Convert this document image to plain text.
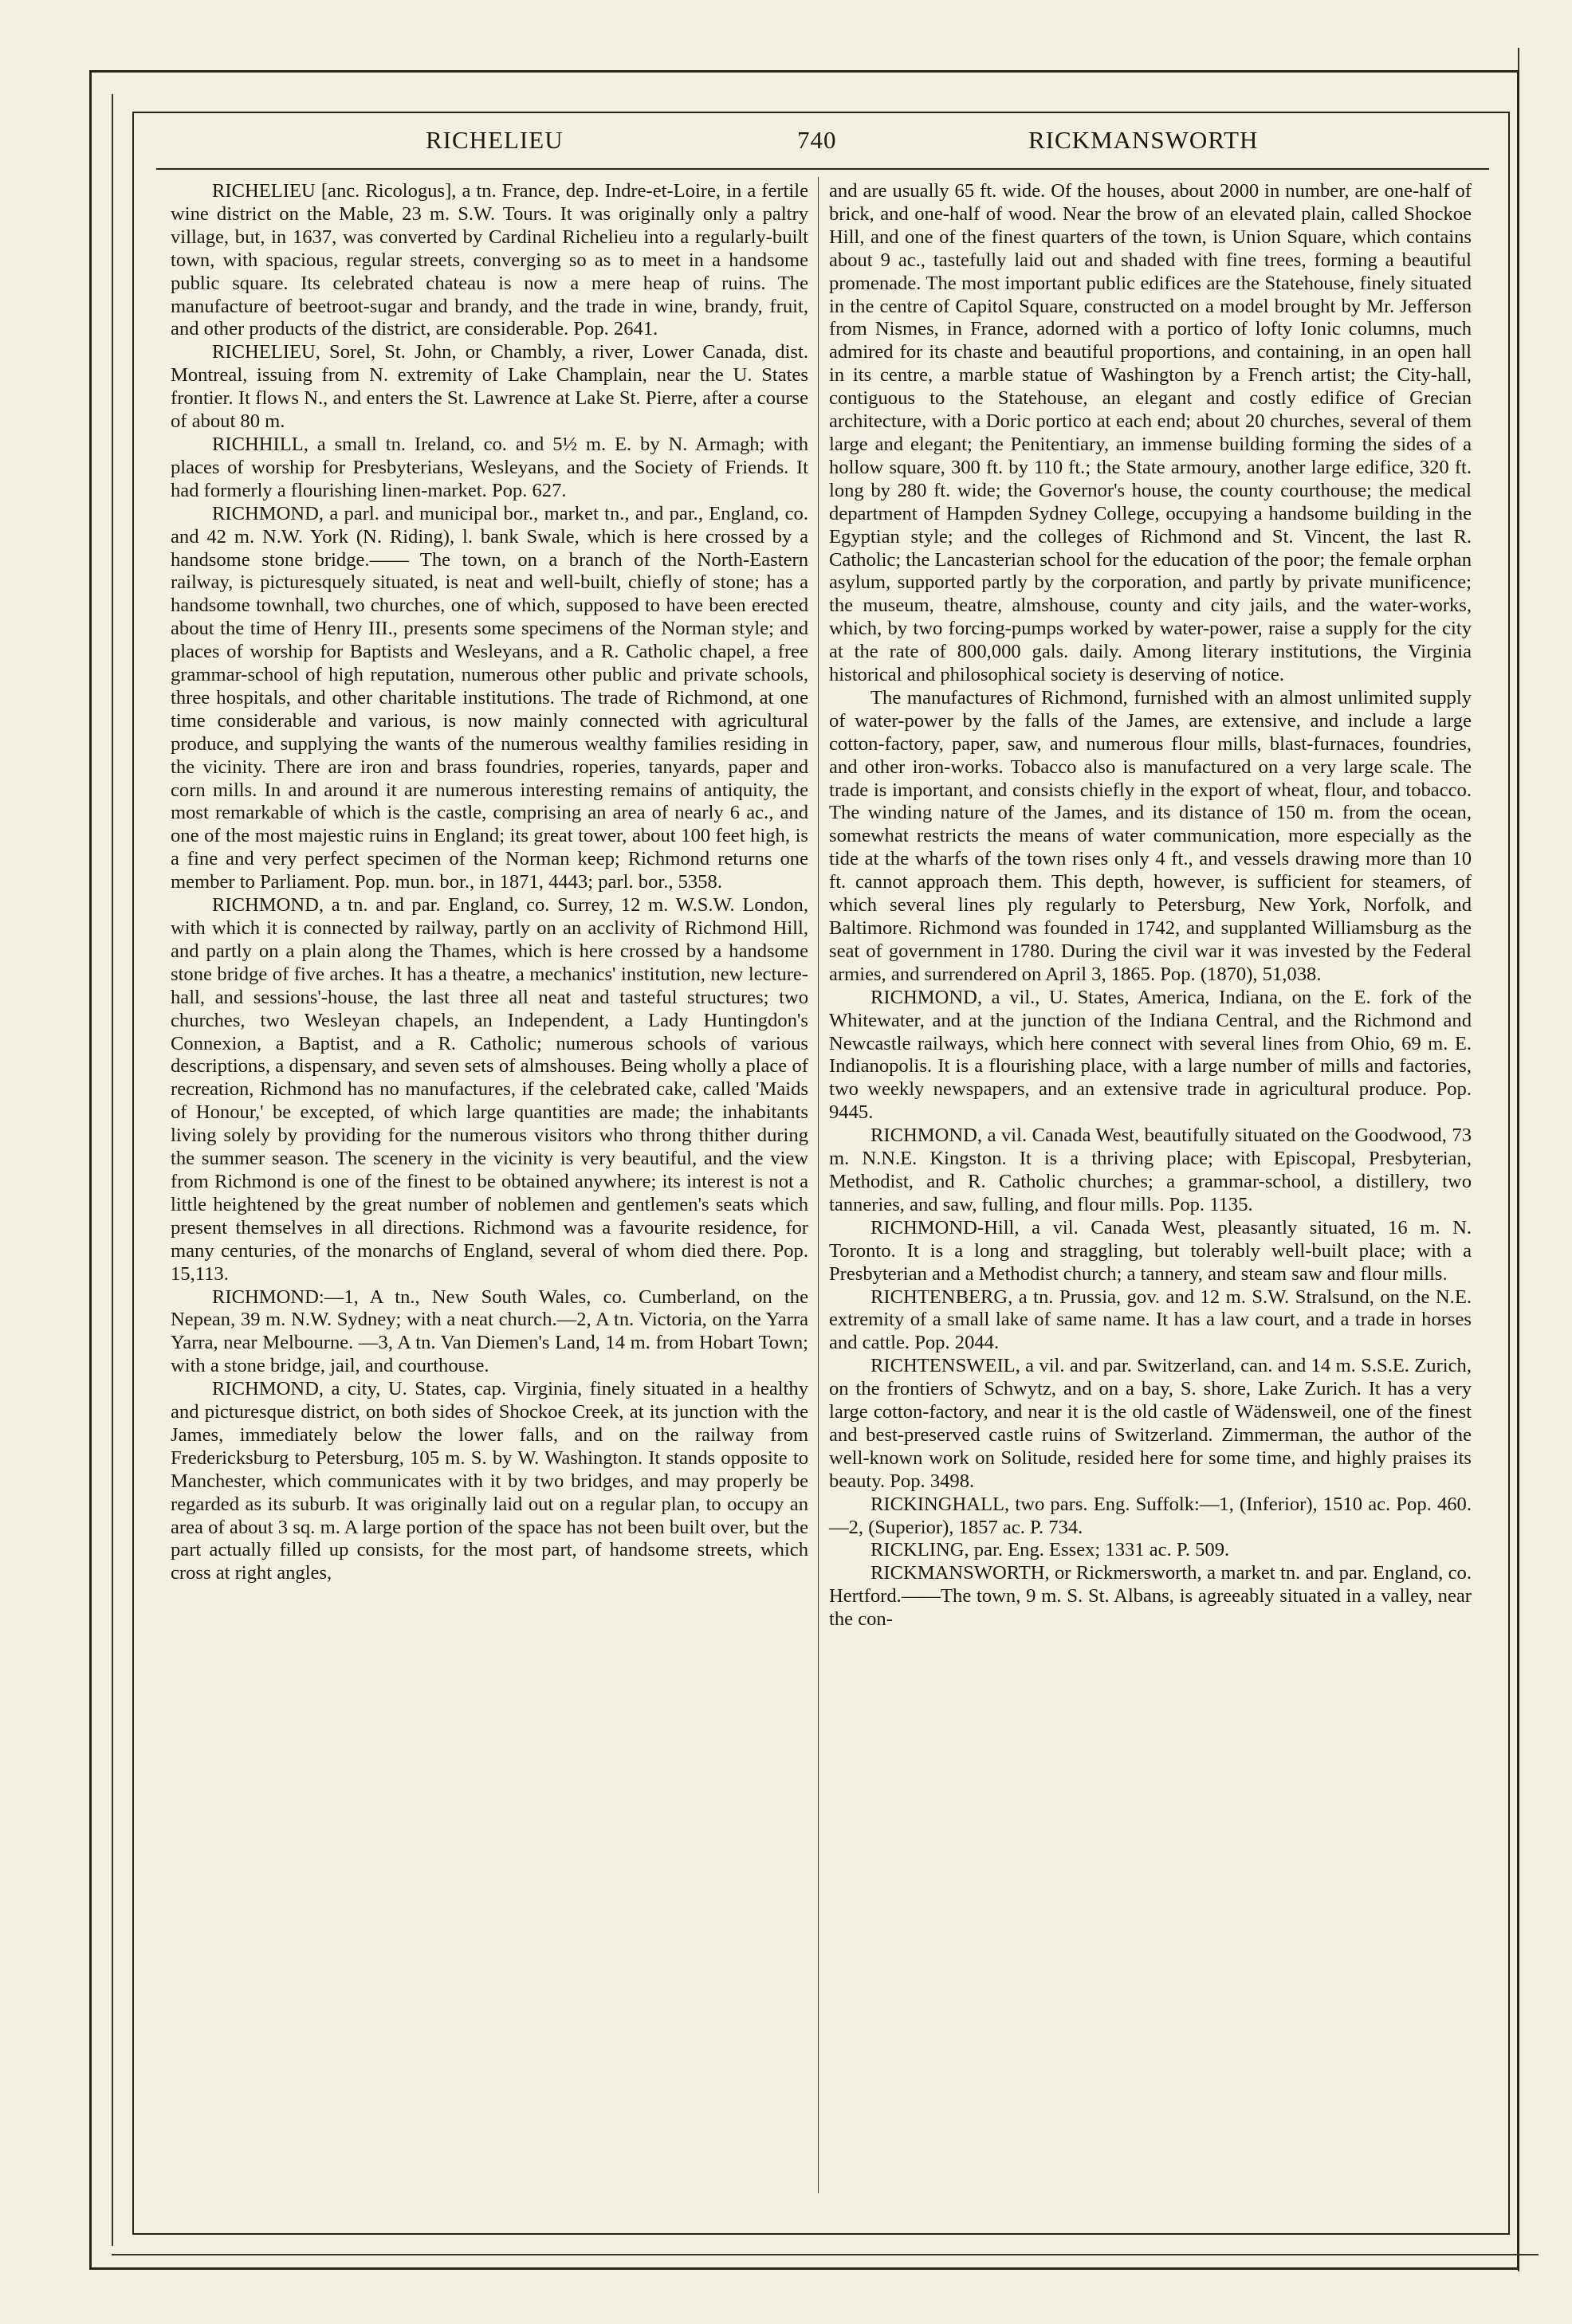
RICHELIEU	740	RICKMANSWORTH

RICHELIEU [anc. Ricologus], a tn. France, dep. Indre-et-Loire, in a fertile wine district on the Mable, 23 m. S.W. Tours. It was originally only a paltry village, but, in 1637, was converted by Cardinal Richelieu into a regularly-built town, with spacious, regular streets, converging so as to meet in a handsome public square. Its celebrated chateau is now a mere heap of ruins. The manufacture of beetroot-sugar and brandy, and the trade in wine, brandy, fruit, and other products of the district, are considerable. Pop. 2641.

RICHELIEU, Sorel, St. John, or Chambly, a river, Lower Canada, dist. Montreal, issuing from N. extremity of Lake Champlain, near the U. States frontier. It flows N., and enters the St. Lawrence at Lake St. Pierre, after a course of about 80 m.

RICHHILL, a small tn. Ireland, co. and 5½ m. E. by N. Armagh; with places of worship for Presbyterians, Wesleyans, and the Society of Friends. It had formerly a flourishing linen-market. Pop. 627.

RICHMOND, a parl. and municipal bor., market tn., and par., England, co. and 42 m. N.W. York (N. Riding), l. bank Swale, which is here crossed by a handsome stone bridge.—— The town, on a branch of the North-Eastern railway, is picturesquely situated, is neat and well-built, chiefly of stone; has a handsome townhall, two churches, one of which, supposed to have been erected about the time of Henry III., presents some specimens of the Norman style; and places of worship for Baptists and Wesleyans, and a R. Catholic chapel, a free grammar-school of high reputation, numerous other public and private schools, three hospitals, and other charitable institutions. The trade of Richmond, at one time considerable and various, is now mainly connected with agricultural produce, and supplying the wants of the numerous wealthy families residing in the vicinity. There are iron and brass foundries, roperies, tanyards, paper and corn mills. In and around it are numerous interesting remains of antiquity, the most remarkable of which is the castle, comprising an area of nearly 6 ac., and one of the most majestic ruins in England; its great tower, about 100 feet high, is a fine and very perfect specimen of the Norman keep; Richmond returns one member to Parliament. Pop. mun. bor., in 1871, 4443; parl. bor., 5358.

RICHMOND, a tn. and par. England, co. Surrey, 12 m. W.S.W. London, with which it is connected by railway, partly on an acclivity of Richmond Hill, and partly on a plain along the Thames, which is here crossed by a handsome stone bridge of five arches. It has a theatre, a mechanics' institution, new lecture-hall, and sessions'-house, the last three all neat and tasteful structures; two churches, two Wesleyan chapels, an Independent, a Lady Huntingdon's Connexion, a Baptist, and a R. Catholic; numerous schools of various descriptions, a dispensary, and seven sets of almshouses. Being wholly a place of recreation, Richmond has no manufactures, if the celebrated cake, called 'Maids of Honour,' be excepted, of which large quantities are made; the inhabitants living solely by providing for the numerous visitors who throng thither during the summer season. The scenery in the vicinity is very beautiful, and the view from Richmond is one of the finest to be obtained anywhere; its interest is not a little heightened by the great number of noblemen and gentlemen's seats which present themselves in all directions. Richmond was a favourite residence, for many centuries, of the monarchs of England, several of whom died there. Pop. 15,113.

RICHMOND:—1, A tn., New South Wales, co. Cumberland, on the Nepean, 39 m. N.W. Sydney; with a neat church.—2, A tn. Victoria, on the Yarra Yarra, near Melbourne. —3, A tn. Van Diemen's Land, 14 m. from Hobart Town; with a stone bridge, jail, and courthouse.

RICHMOND, a city, U. States, cap. Virginia, finely situated in a healthy and picturesque district, on both sides of Shockoe Creek, at its junction with the James, immediately below the lower falls, and on the railway from Fredericksburg to Petersburg, 105 m. S. by W. Washington. It stands opposite to Manchester, which communicates with it by two bridges, and may properly be regarded as its suburb. It was originally laid out on a regular plan, to occupy an area of about 3 sq. m. A large portion of the space has not been built over, but the part actually filled up consists, for the most part, of handsome streets, which cross at right angles,

and are usually 65 ft. wide. Of the houses, about 2000 in number, are one-half of brick, and one-half of wood. Near the brow of an elevated plain, called Shockoe Hill, and one of the finest quarters of the town, is Union Square, which contains about 9 ac., tastefully laid out and shaded with fine trees, forming a beautiful promenade. The most important public edifices are the Statehouse, finely situated in the centre of Capitol Square, constructed on a model brought by Mr. Jefferson from Nismes, in France, adorned with a portico of lofty Ionic columns, much admired for its chaste and beautiful proportions, and containing, in an open hall in its centre, a marble statue of Washington by a French artist; the City-hall, contiguous to the Statehouse, an elegant and costly edifice of Grecian architecture, with a Doric portico at each end; about 20 churches, several of them large and elegant; the Penitentiary, an immense building forming the sides of a hollow square, 300 ft. by 110 ft.; the State armoury, another large edifice, 320 ft. long by 280 ft. wide; the Governor's house, the county courthouse; the medical department of Hampden Sydney College, occupying a handsome building in the Egyptian style; and the colleges of Richmond and St. Vincent, the last R. Catholic; the Lancasterian school for the education of the poor; the female orphan asylum, supported partly by the corporation, and partly by private munificence; the museum, theatre, almshouse, county and city jails, and the water-works, which, by two forcing-pumps worked by water-power, raise a supply for the city at the rate of 800,000 gals. daily. Among literary institutions, the Virginia historical and philosophical society is deserving of notice.

The manufactures of Richmond, furnished with an almost unlimited supply of water-power by the falls of the James, are extensive, and include a large cotton-factory, paper, saw, and numerous flour mills, blast-furnaces, foundries, and other iron-works. Tobacco also is manufactured on a very large scale. The trade is important, and consists chiefly in the export of wheat, flour, and tobacco. The winding nature of the James, and its distance of 150 m. from the ocean, somewhat restricts the means of water communication, more especially as the tide at the wharfs of the town rises only 4 ft., and vessels drawing more than 10 ft. cannot approach them. This depth, however, is sufficient for steamers, of which several lines ply regularly to Petersburg, New York, Norfolk, and Baltimore. Richmond was founded in 1742, and supplanted Williamsburg as the seat of government in 1780. During the civil war it was invested by the Federal armies, and surrendered on April 3, 1865. Pop. (1870), 51,038.

RICHMOND, a vil., U. States, America, Indiana, on the E. fork of the Whitewater, and at the junction of the Indiana Central, and the Richmond and Newcastle railways, which here connect with several lines from Ohio, 69 m. E. Indianopolis. It is a flourishing place, with a large number of mills and factories, two weekly newspapers, and an extensive trade in agricultural produce. Pop. 9445.

RICHMOND, a vil. Canada West, beautifully situated on the Goodwood, 73 m. N.N.E. Kingston. It is a thriving place; with Episcopal, Presbyterian, Methodist, and R. Catholic churches; a grammar-school, a distillery, two tanneries, and saw, fulling, and flour mills. Pop. 1135.

RICHMOND-Hill, a vil. Canada West, pleasantly situated, 16 m. N. Toronto. It is a long and straggling, but tolerably well-built place; with a Presbyterian and a Methodist church; a tannery, and steam saw and flour mills.

RICHTENBERG, a tn. Prussia, gov. and 12 m. S.W. Stralsund, on the N.E. extremity of a small lake of same name. It has a law court, and a trade in horses and cattle. Pop. 2044.

RICHTENSWEIL, a vil. and par. Switzerland, can. and 14 m. S.S.E. Zurich, on the frontiers of Schwytz, and on a bay, S. shore, Lake Zurich. It has a very large cotton-factory, and near it is the old castle of Wädensweil, one of the finest and best-preserved castle ruins of Switzerland. Zimmerman, the author of the well-known work on Solitude, resided here for some time, and highly praises its beauty. Pop. 3498.

RICKINGHALL, two pars. Eng. Suffolk:—1, (Inferior), 1510 ac. Pop. 460.—2, (Superior), 1857 ac. P. 734.

RICKLING, par. Eng. Essex; 1331 ac. P. 509.

RICKMANSWORTH, or Rickmersworth, a market tn. and par. England, co. Hertford.——The town, 9 m. S. St. Albans, is agreeably situated in a valley, near the con-
